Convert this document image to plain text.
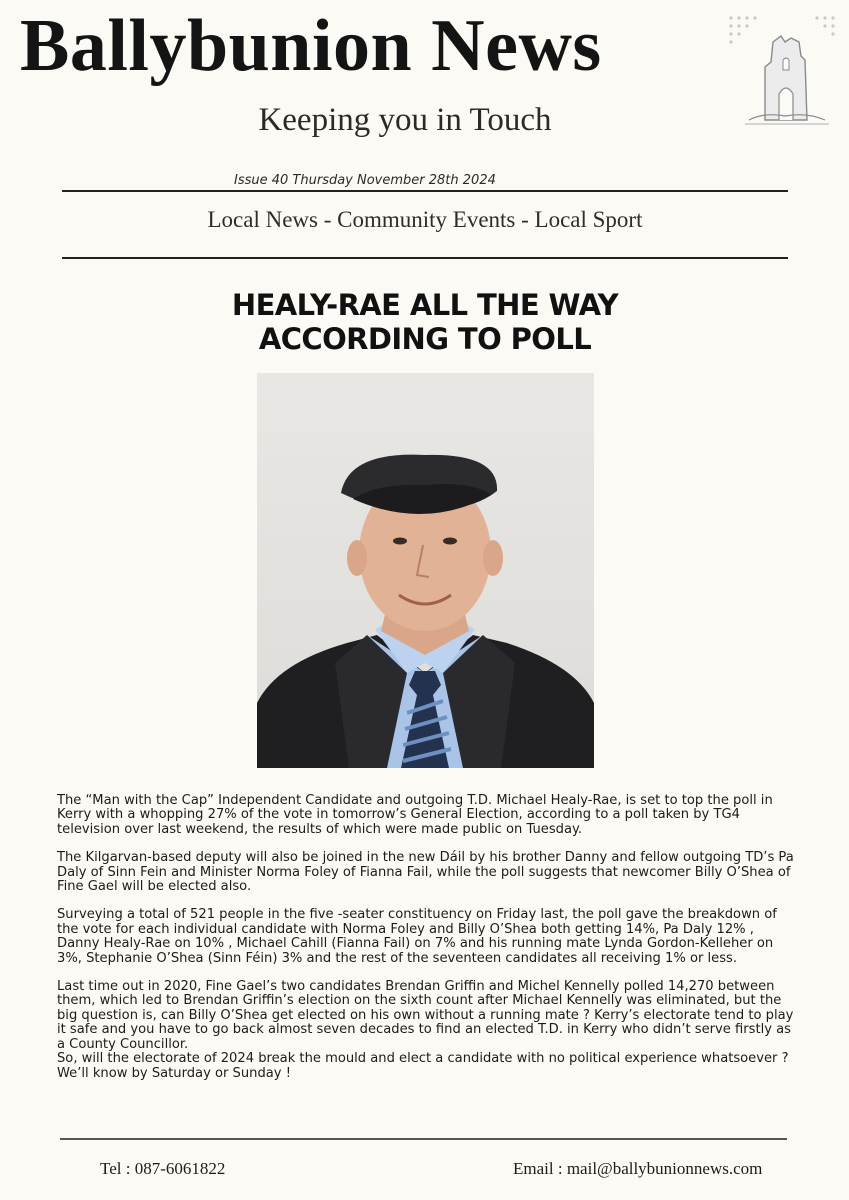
Ballybunion News
Keeping you in Touch
Issue 40 Thursday November 28th 2024
Local News - Community Events - Local Sport
HEALY-RAE ALL THE WAY
ACCORDING TO POLL

The “Man with the Cap” Independent Candidate and outgoing T.D. Michael Healy-Rae, is set to top the poll in Kerry with a whopping 27% of the vote in tomorrow’s General Election, according to a poll taken by TG4 television over last weekend, the results of which were made public on Tuesday.

The Kilgarvan-based deputy will also be joined in the new Dáil by his brother Danny and fellow outgoing TD’s Pa Daly of Sinn Fein and Minister Norma Foley of Fianna Fail, while the poll suggests that newcomer Billy O’Shea of Fine Gael will be elected also.

Surveying a total of 521 people in the five -seater constituency on Friday last, the poll gave the breakdown of the vote for each individual candidate with Norma Foley and Billy O’Shea both getting 14%, Pa Daly 12% , Danny Healy-Rae on 10% , Michael Cahill (Fianna Fail) on 7% and his running mate Lynda Gordon-Kelleher on 3%, Stephanie O’Shea (Sinn Féin) 3% and the rest of the seventeen candidates all receiving 1% or less.

Last time out in 2020, Fine Gael’s two candidates Brendan Griffin and Michel Kennelly polled 14,270 between them, which led to Brendan Griffin’s election on the sixth count after Michael Kennelly was eliminated, but the big question is, can Billy O’Shea get elected on his own without a running mate ? Kerry’s electorate tend to play it safe and you have to go back almost seven decades to find an elected T.D. in Kerry who didn’t serve firstly as a County Councillor.

So, will the electorate of 2024 break the mould and elect a candidate with no political experience whatsoever ? We’ll know by Saturday or Sunday !

Tel : 087-6061822	Email : mail@ballybunionnews.com
